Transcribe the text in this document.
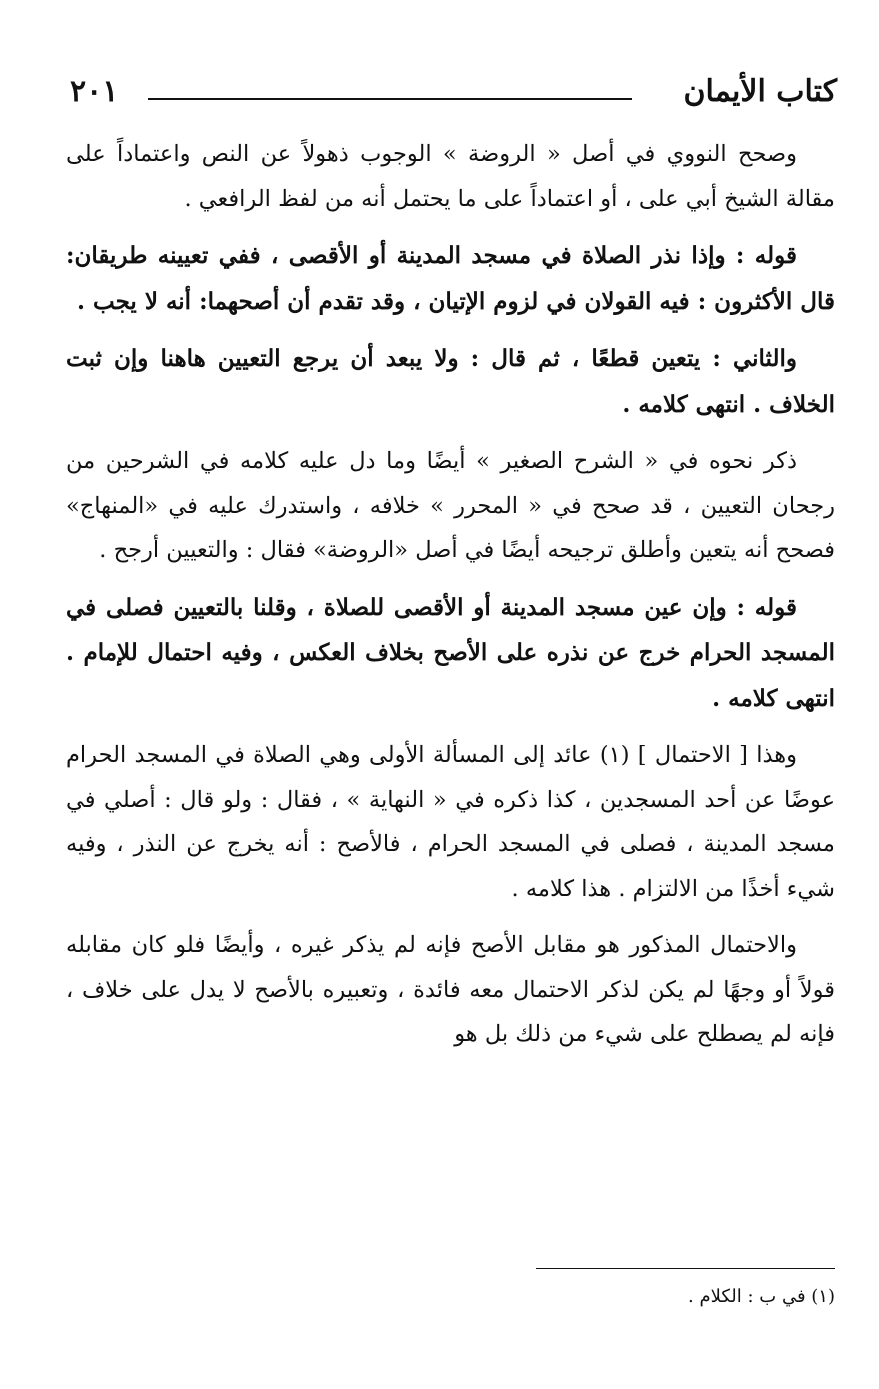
كتاب الأيمان
٢٠١

وصحح النووي في أصل « الروضة » الوجوب ذهولاً عن النص واعتماداً على مقالة الشيخ أبي على ، أو اعتماداً على ما يحتمل أنه من لفظ الرافعي .

قوله : وإذا نذر الصلاة في مسجد المدينة أو الأقصى ، ففي تعيينه طريقان: قال الأكثرون : فيه القولان في لزوم الإتيان ، وقد تقدم أن أصحهما: أنه لا يجب .

والثاني : يتعين قطعًا ، ثم قال : ولا يبعد أن يرجع التعيين هاهنا وإن ثبت الخلاف . انتهى كلامه .

ذكر نحوه في « الشرح الصغير » أيضًا وما دل عليه كلامه في الشرحين من رجحان التعيين ، قد صحح في « المحرر » خلافه ، واستدرك عليه في «المنهاج» فصحح أنه يتعين وأطلق ترجيحه أيضًا في أصل «الروضة» فقال : والتعيين أرجح .

قوله : وإن عين مسجد المدينة أو الأقصى للصلاة ، وقلنا بالتعيين فصلى في المسجد الحرام خرج عن نذره على الأصح بخلاف العكس ، وفيه احتمال للإمام . انتهى كلامه .

وهذا [ الاحتمال ] (١) عائد إلى المسألة الأولى وهي الصلاة في المسجد الحرام عوضًا عن أحد المسجدين ، كذا ذكره في « النهاية » ، فقال : ولو قال : أصلي في مسجد المدينة ، فصلى في المسجد الحرام ، فالأصح : أنه يخرج عن النذر ، وفيه شيء أخذًا من الالتزام . هذا كلامه .

والاحتمال المذكور هو مقابل الأصح فإنه لم يذكر غيره ، وأيضًا فلو كان مقابله قولاً أو وجهًا لم يكن لذكر الاحتمال معه فائدة ، وتعبيره بالأصح لا يدل على خلاف ، فإنه لم يصطلح على شيء من ذلك بل هو

(١) في ب : الكلام .
